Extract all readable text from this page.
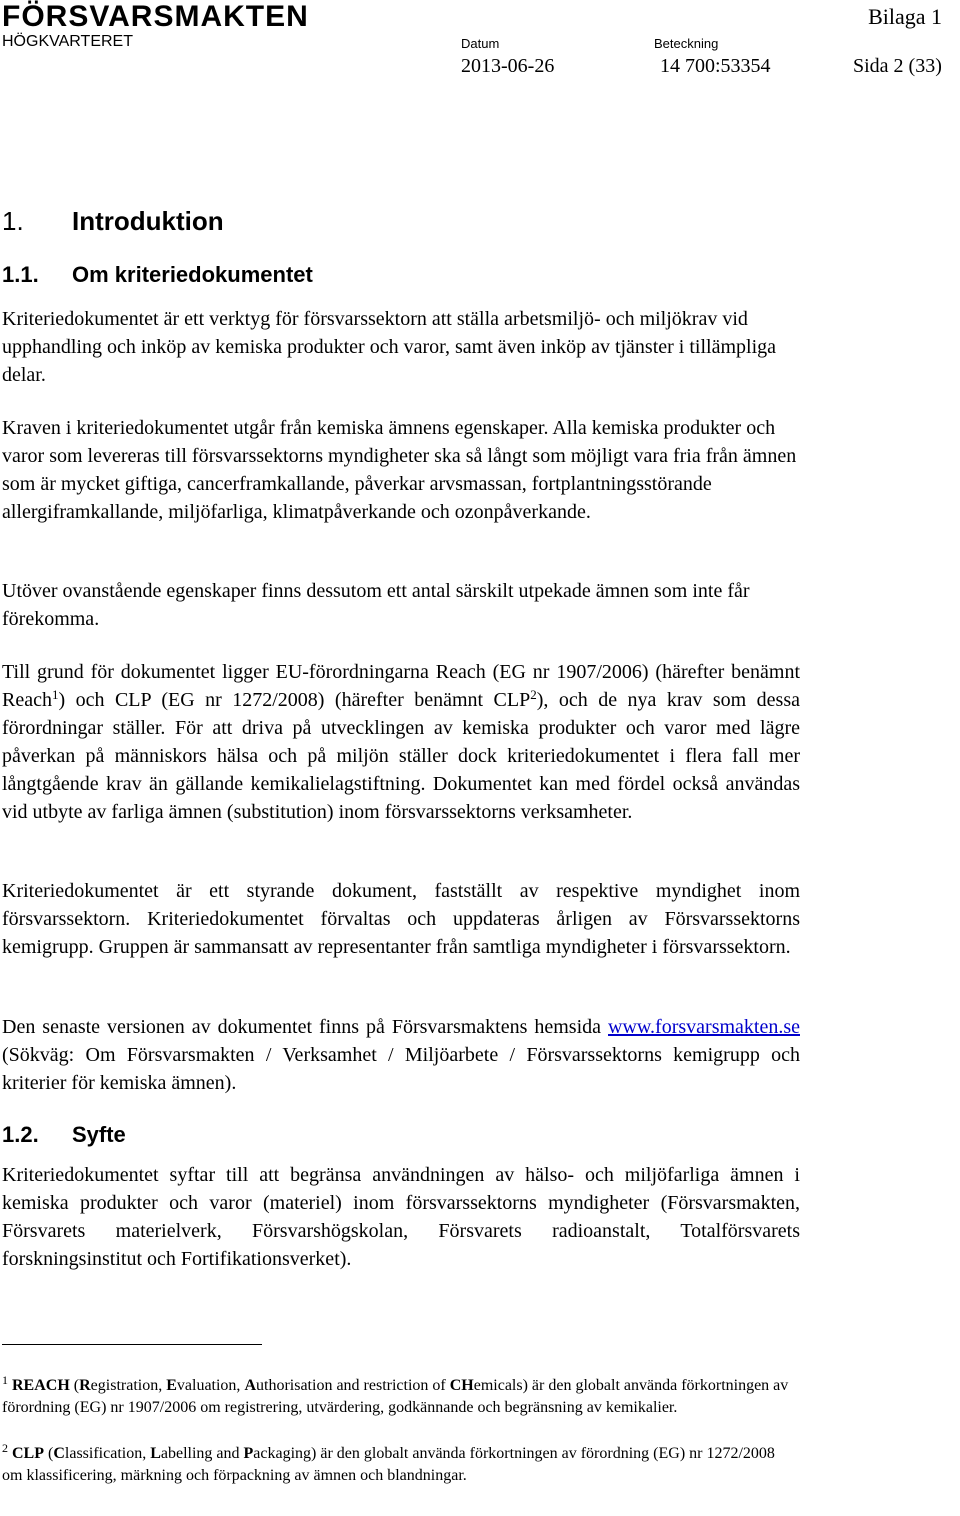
FÖRSVARSMAKTEN
HÖGKVARTERET	Datum
2013-06-26
Beteckning
14 700:53354
Bilaga 1
Sida 2 (33)
1. Introduktion
1.1. Om kriteriedokumentet
Kriteriedokumentet är ett verktyg för försvarssektorn att ställa arbetsmiljö- och miljökrav vid upphandling och inköp av kemiska produkter och varor, samt även inköp av tjänster i tillämpliga delar.
Kraven i kriteriedokumentet utgår från kemiska ämnens egenskaper. Alla kemiska produkter och varor som levereras till försvarssektorns myndigheter ska så långt som möjligt vara fria från ämnen som är mycket giftiga, cancerframkallande, påverkar arvsmassan, fortplantningsstörande allergiframkallande, miljöfarliga, klimatpåverkande och ozonpåverkande.
Utöver ovanstående egenskaper finns dessutom ett antal särskilt utpekade ämnen som inte får förekomma.
Till grund för dokumentet ligger EU-förordningarna Reach (EG nr 1907/2006) (härefter benämnt Reach$^1$) och CLP (EG nr 1272/2008) (härefter benämnt CLP$^2$), och de nya krav som dessa förordningar ställer. För att driva på utvecklingen av kemiska produkter och varor med lägre påverkan på människors hälsa och på miljön ställer dock kriteriedokumentet i flera fall mer långtgående krav än gällande kemikalielagstiftning. Dokumentet kan med fördel också användas vid utbyte av farliga ämnen (substitution) inom försvarssektorns verksamheter.
Kriteriedokumentet är ett styrande dokument, fastställt av respektive myndighet inom försvarssektorn. Kriteriedokumentet förvaltas och uppdateras årligen av Försvarssektorns kemigrupp. Gruppen är sammansatt av representanter från samtliga myndigheter i försvarssektorn.
Den senaste versionen av dokumentet finns på Försvarsmaktens hemsida www.forsvarsmakten.se (Sökväg: Om Försvarsmakten / Verksamhet / Miljöarbete / Försvarssektorns kemigrupp och kriterier för kemiska ämnen).
1.2. Syfte
Kriteriedokumentet syftar till att begränsa användningen av hälso- och miljöfarliga ämnen i kemiska produkter och varor (materiel) inom försvarssektorns myndigheter (Försvarsmakten, Försvarets materielverk, Försvarshögskolan, Försvarets radioanstalt, Totalförsvarets forskningsinstitut och Fortifikationsverket).
$^1$ REACH (Registration, Evaluation, Authorisation and restriction of CHemicals) är den globalt använda förkortningen av förordning (EG) nr 1907/2006 om registrering, utvärdering, godkännande och begränsning av kemikalier.
$^2$ CLP (Classification, Labelling and Packaging) är den globalt använda förkortningen av förordning (EG) nr 1272/2008 om klassificering, märkning och förpackning av ämnen och blandningar.
